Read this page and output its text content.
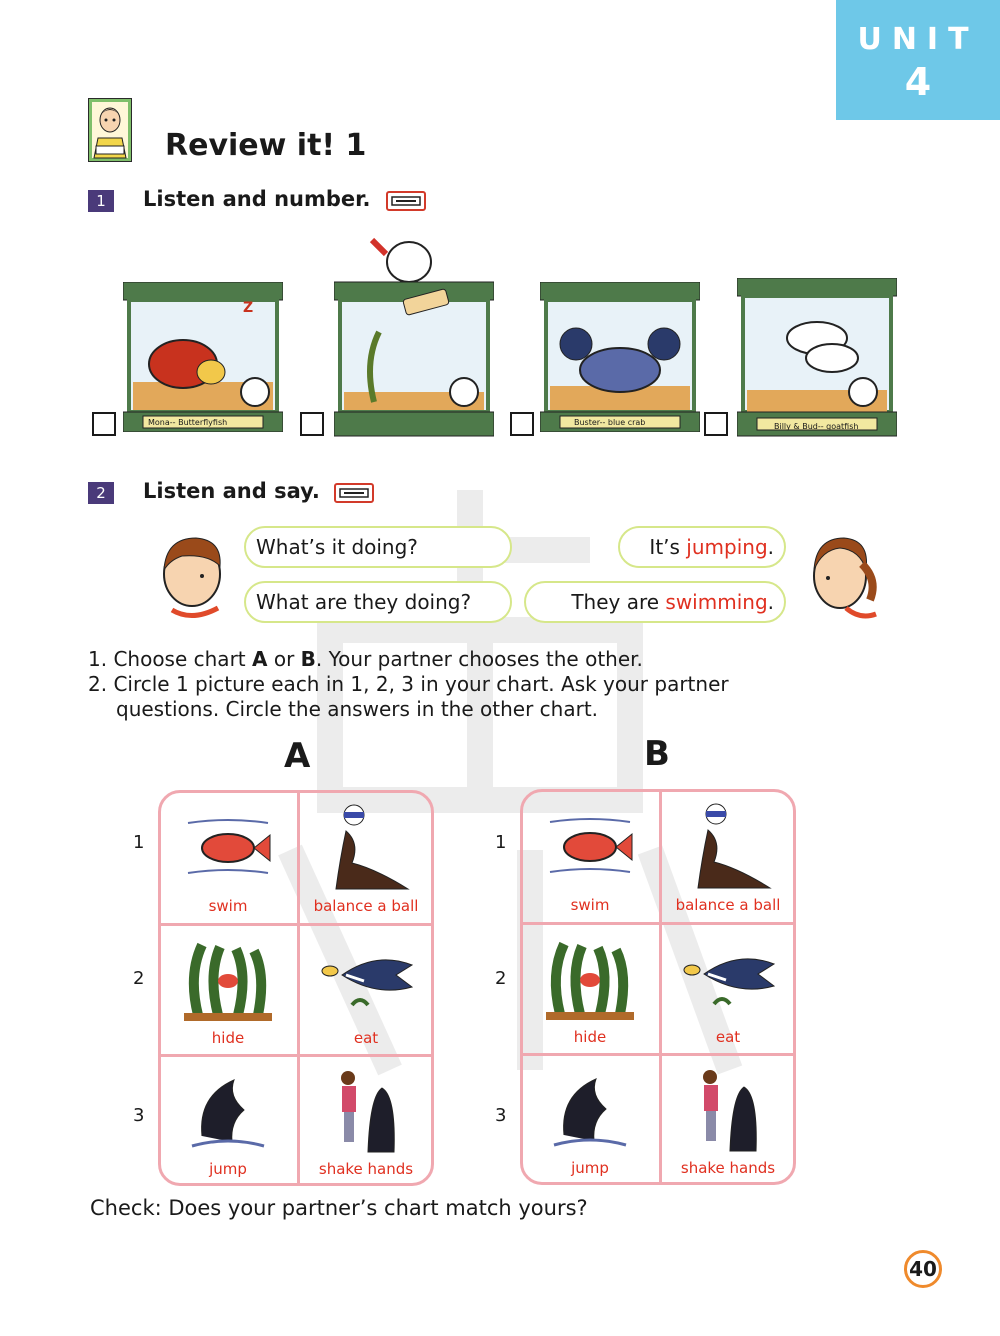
UNIT
4
Review it! 1
1	Listen and number.
Z
Mona-- Butterflyfish	Buster-- blue crab	Billy & Bud-- goatfish
2	Listen and say.
What’s it doing?
What are they doing?
It’s jumping.
They are swimming.
1. Choose chart A or B. Your partner chooses the other.
2. Circle 1 picture each in 1, 2, 3 in your chart. Ask your partner
questions. Circle the answers in the other chart.
A
1
2
3
swim	balance a ball
hide	eat
jump	shake hands
B
1
2
3
swim	balance a ball
hide	eat
jump	shake hands
Check: Does your partner’s chart match yours?
40
